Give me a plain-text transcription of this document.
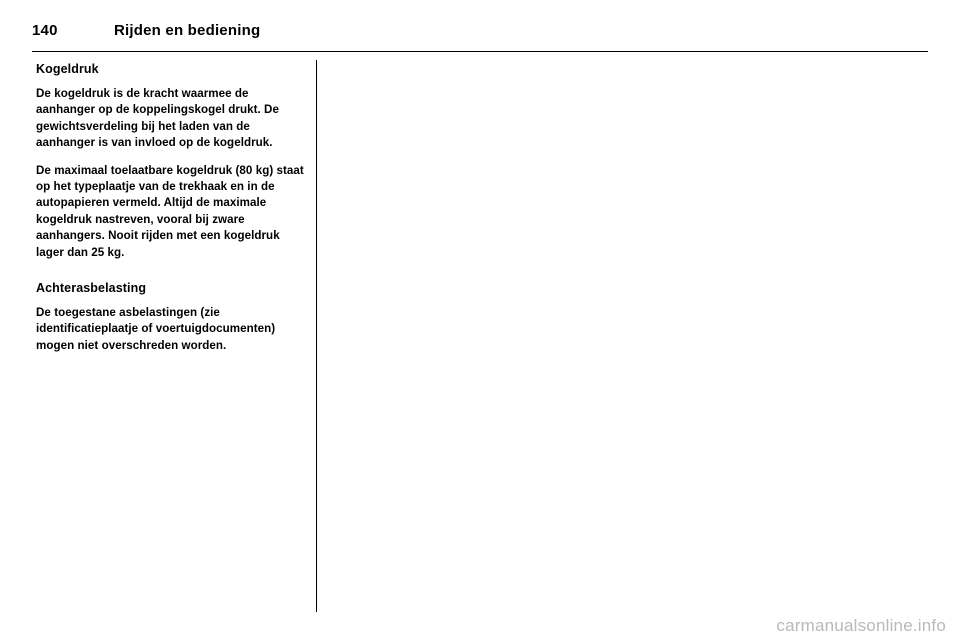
140	Rijden en bediening
Kogeldruk

De kogeldruk is de kracht waarmee de aanhanger op de koppelingskogel drukt. De gewichtsverdeling bij het laden van de aanhanger is van invloed op de kogeldruk.

De maximaal toelaatbare kogeldruk (80 kg) staat op het typeplaatje van de trekhaak en in de autopapieren vermeld. Altijd de maximale kogeldruk nastreven, vooral bij zware aanhangers. Nooit rijden met een kogeldruk lager dan 25 kg.

Achterasbelasting

De toegestane asbelastingen (zie identificatieplaatje of voertuigdocumenten) mogen niet overschreden worden.

carmanualsonline.info
